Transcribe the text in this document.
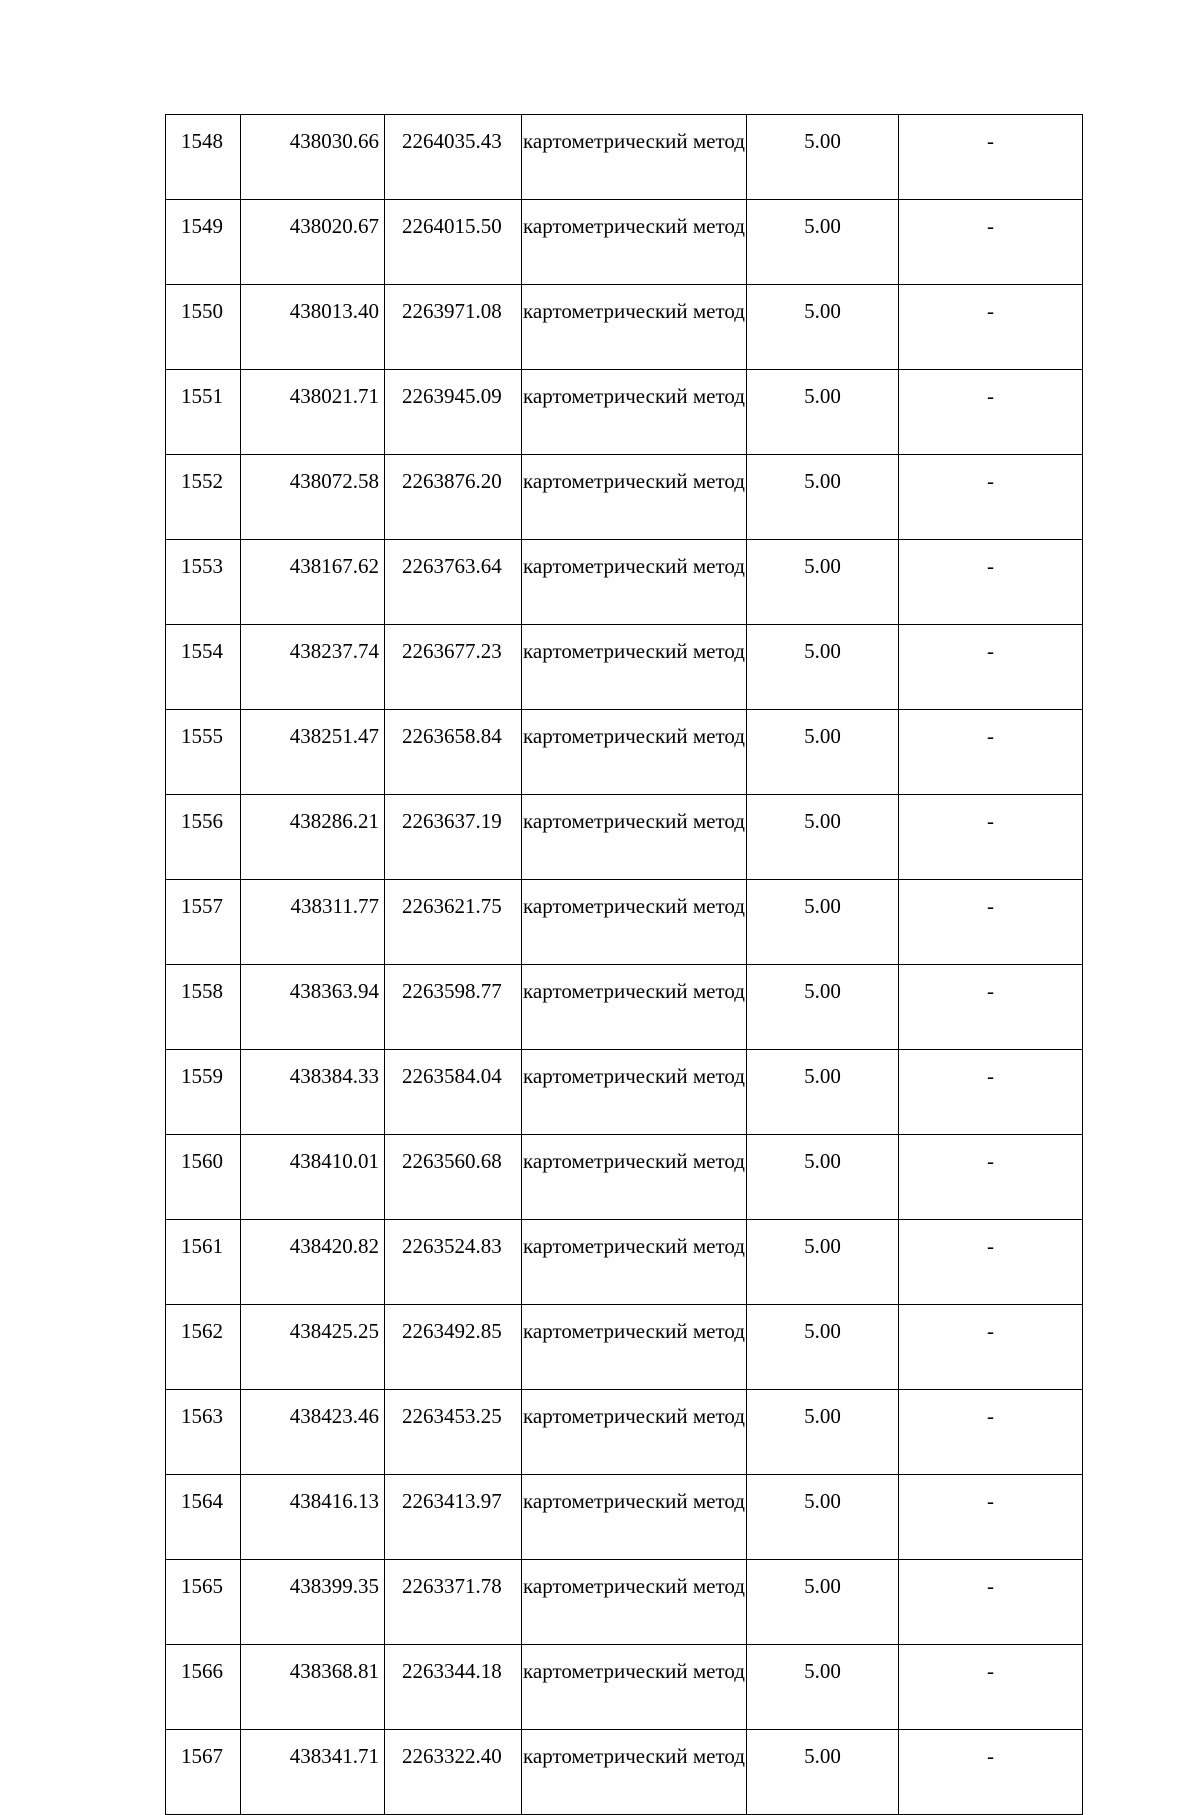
1548	438030.66	2264035.43	картометрический метод	5.00	-
1549	438020.67	2264015.50	картометрический метод	5.00	-
1550	438013.40	2263971.08	картометрический метод	5.00	-
1551	438021.71	2263945.09	картометрический метод	5.00	-
1552	438072.58	2263876.20	картометрический метод	5.00	-
1553	438167.62	2263763.64	картометрический метод	5.00	-
1554	438237.74	2263677.23	картометрический метод	5.00	-
1555	438251.47	2263658.84	картометрический метод	5.00	-
1556	438286.21	2263637.19	картометрический метод	5.00	-
1557	438311.77	2263621.75	картометрический метод	5.00	-
1558	438363.94	2263598.77	картометрический метод	5.00	-
1559	438384.33	2263584.04	картометрический метод	5.00	-
1560	438410.01	2263560.68	картометрический метод	5.00	-
1561	438420.82	2263524.83	картометрический метод	5.00	-
1562	438425.25	2263492.85	картометрический метод	5.00	-
1563	438423.46	2263453.25	картометрический метод	5.00	-
1564	438416.13	2263413.97	картометрический метод	5.00	-
1565	438399.35	2263371.78	картометрический метод	5.00	-
1566	438368.81	2263344.18	картометрический метод	5.00	-
1567	438341.71	2263322.40	картометрический метод	5.00	-
